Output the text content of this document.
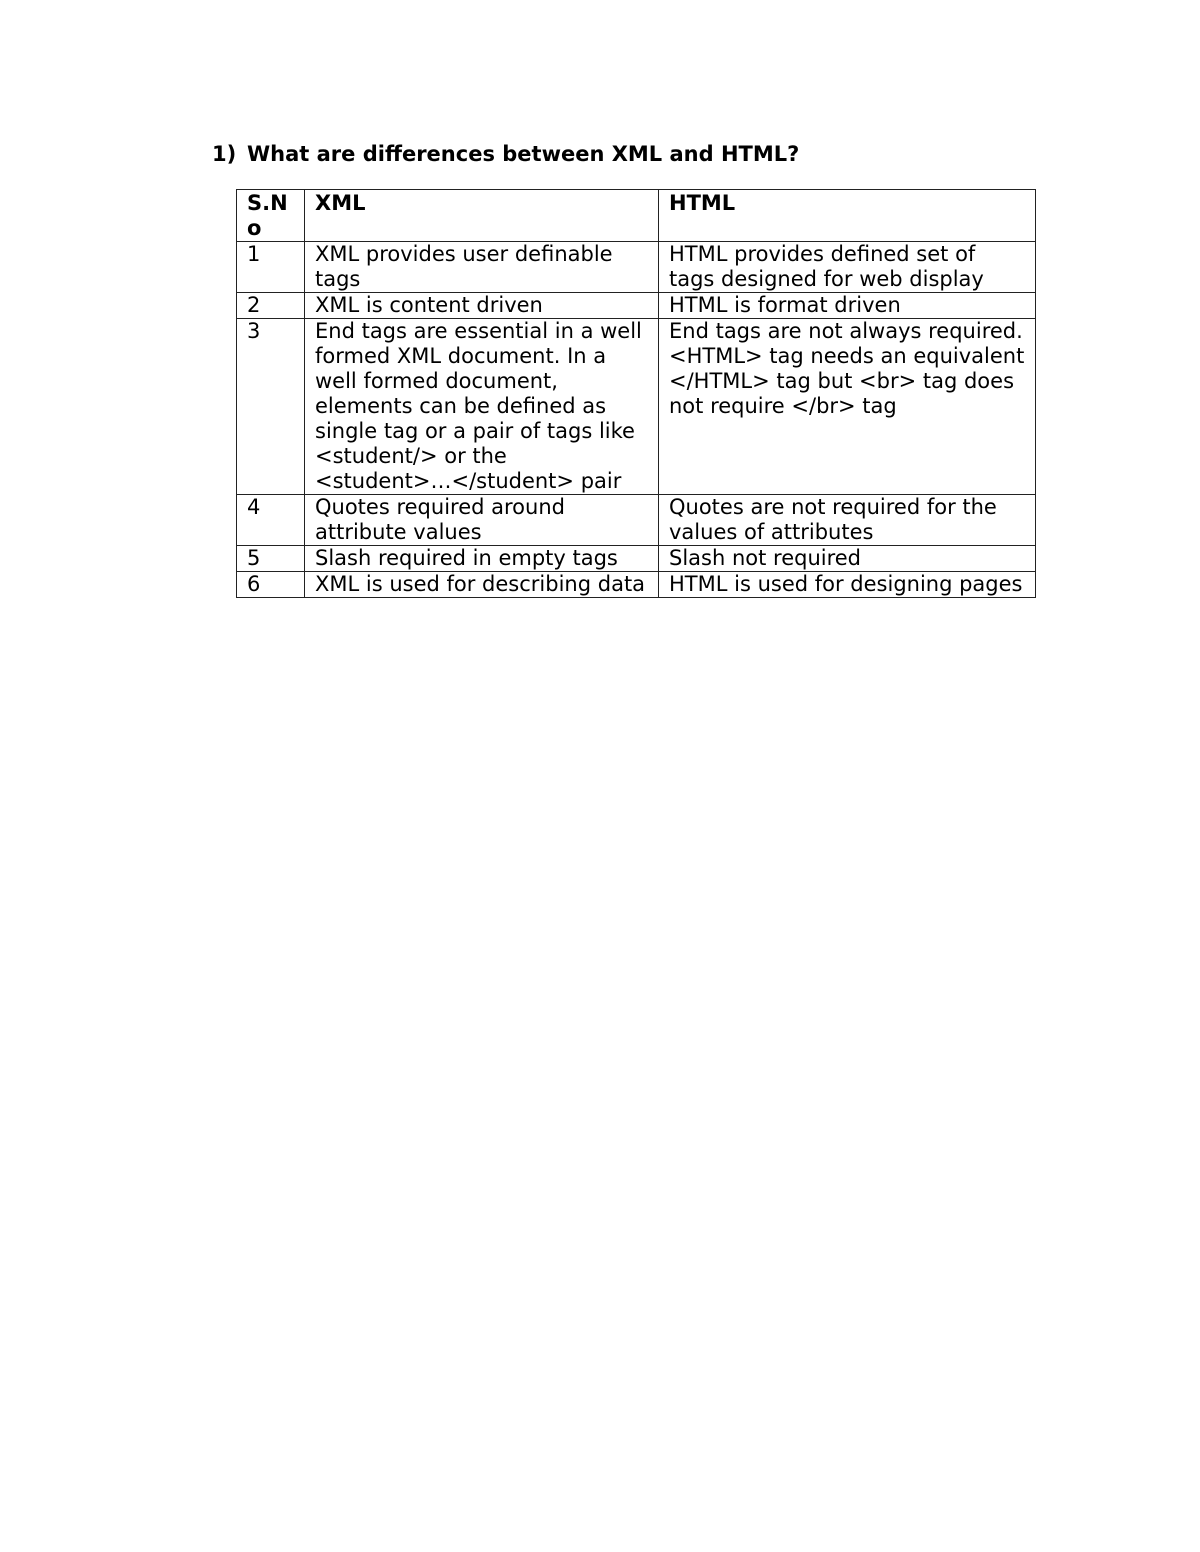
1) What are differences between XML and HTML?
S.No	XML	HTML
1	XML provides user definable tags	HTML provides defined set of tags designed for web display
2	XML is content driven	HTML is format driven
3	End tags are essential in a well formed XML document. In a well formed document, elements can be defined as single tag or a pair of tags like <student/> or the <student>…</student> pair	End tags are not always required.<HTML> tag needs an equivalent </HTML> tag but <br> tag does not require </br> tag
4	Quotes required around attribute values	Quotes are not required for the values of attributes
5	Slash required in empty tags	Slash not required
6	XML is used for describing data	HTML is used for designing pages
